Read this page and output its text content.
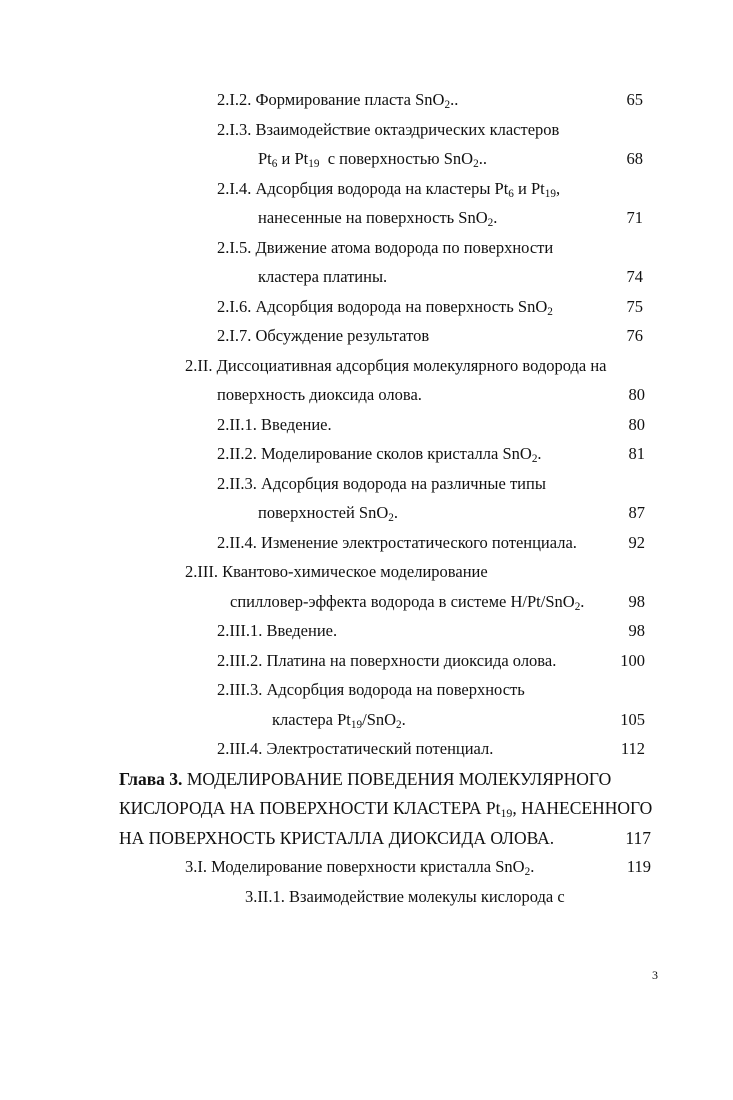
2.I.2. Формирование пласта SnO$_2$..	65
2.I.3. Взаимодействие октаэдрических кластеров
$Pt_6$ и $Pt_{19}$  с поверхностью SnO$_2$..	68
2.I.4. Адсорбция водорода на кластеры $Pt_6$ и $Pt_{19}$,
нанесенные на поверхность SnO$_2$.	71
2.I.5. Движение атома водорода по поверхности
кластера платины.	74
2.I.6. Адсорбция водорода на поверхность SnO$_2$	75
2.I.7. Обсуждение результатов	76
2.II. Диссоциативная адсорбция молекулярного водорода на
поверхность диоксида олова.	80
2.II.1. Введение.	80
2.II.2. Моделирование сколов кристалла SnO$_2$.	81
2.II.3. Адсорбция водорода на различные типы
поверхностей SnO$_2$.	87
2.II.4. Изменение электростатического потенциала.	92
2.III. Квантово-химическое моделирование
спилловер-эффекта водорода в системе H/Pt/SnO$_2$.	98
2.III.1. Введение.	98
2.III.2. Платина на поверхности диоксида олова.	100
2.III.3. Адсорбция водорода на поверхность
кластера $Pt_{19}/SnO_2$.	105
2.III.4. Электростатический потенциал.	112
Глава 3. МОДЕЛИРОВАНИЕ ПОВЕДЕНИЯ МОЛЕКУЛЯРНОГО
КИСЛОРОДА НА ПОВЕРХНОСТИ КЛАСТЕРА $Pt_{19}$, НАНЕСЕННОГО
НА ПОВЕРХНОСТЬ КРИСТАЛЛА ДИОКСИДА ОЛОВА.	117
3.I. Моделирование поверхности кристалла SnO$_2$.	119
3.II.1. Взаимодействие молекулы кислорода с
3
